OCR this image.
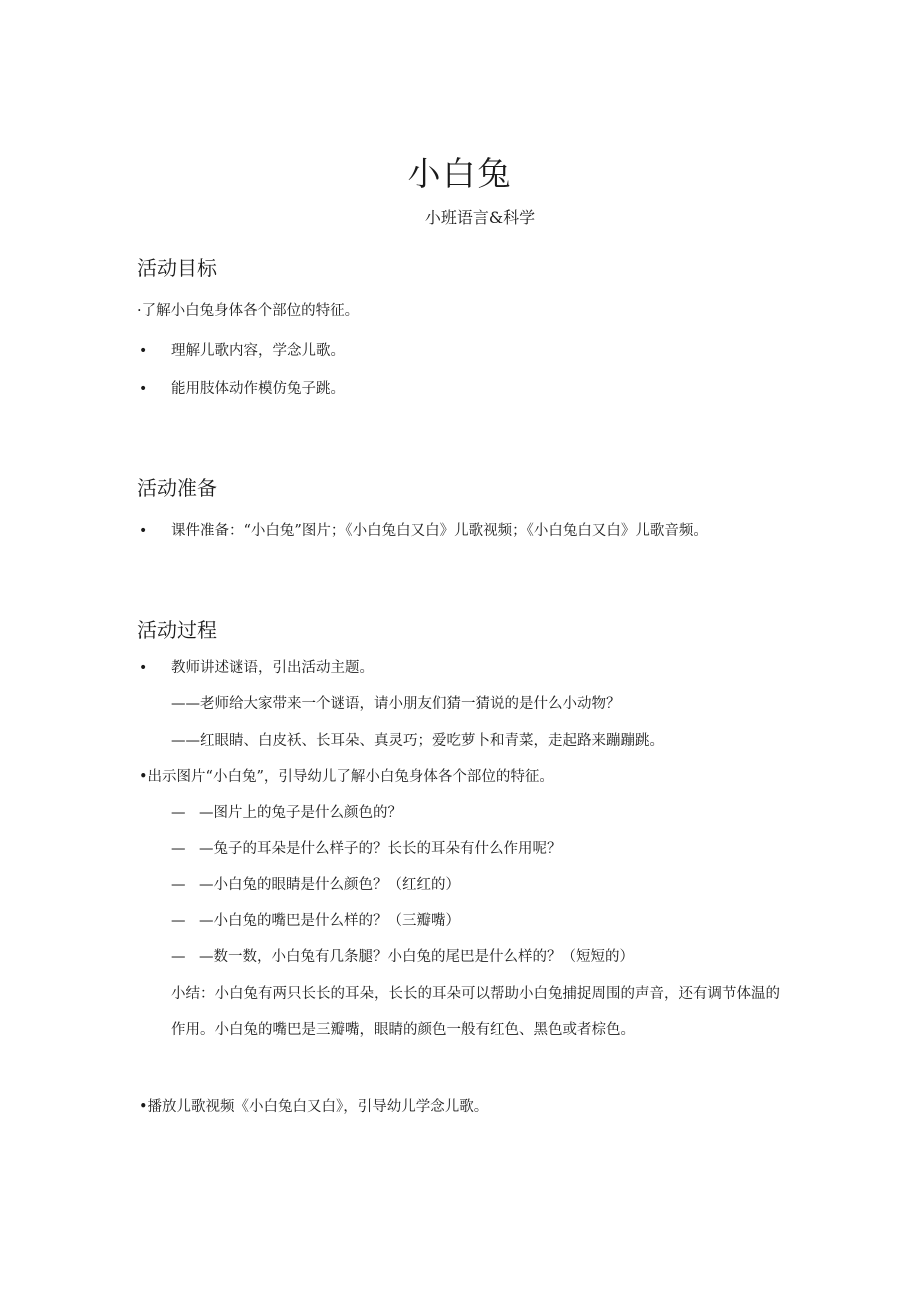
小白兔
小班语言&科学
活动目标
·了解小白兔身体各个部位的特征。
• 理解儿歌内容，学念儿歌。
• 能用肢体动作模仿兔子跳。
活动准备
• 课件准备：“小白兔”图片；《小白兔白又白》儿歌视频；《小白兔白又白》儿歌音频。
活动过程
• 教师讲述谜语，引出活动主题。
——老师给大家带来一个谜语，请小朋友们猜一猜说的是什么小动物？
——红眼睛、白皮袄、长耳朵、真灵巧；爱吃萝卜和青菜，走起路来蹦蹦跳。
•出示图片“小白兔”，引导幼儿了解小白兔身体各个部位的特征。
— —图片上的兔子是什么颜色的？
— —兔子的耳朵是什么样子的？长长的耳朵有什么作用呢？
— —小白兔的眼睛是什么颜色？（红红的）
— —小白兔的嘴巴是什么样的？（三瓣嘴）
— —数一数，小白兔有几条腿？小白兔的尾巴是什么样的？（短短的）
小结：小白兔有两只长长的耳朵，长长的耳朵可以帮助小白兔捕捉周围的声音，还有调节体温的
作用。小白兔的嘴巴是三瓣嘴，眼睛的颜色一般有红色、黑色或者棕色。
•播放儿歌视频《小白兔白又白》，引导幼儿学念儿歌。
